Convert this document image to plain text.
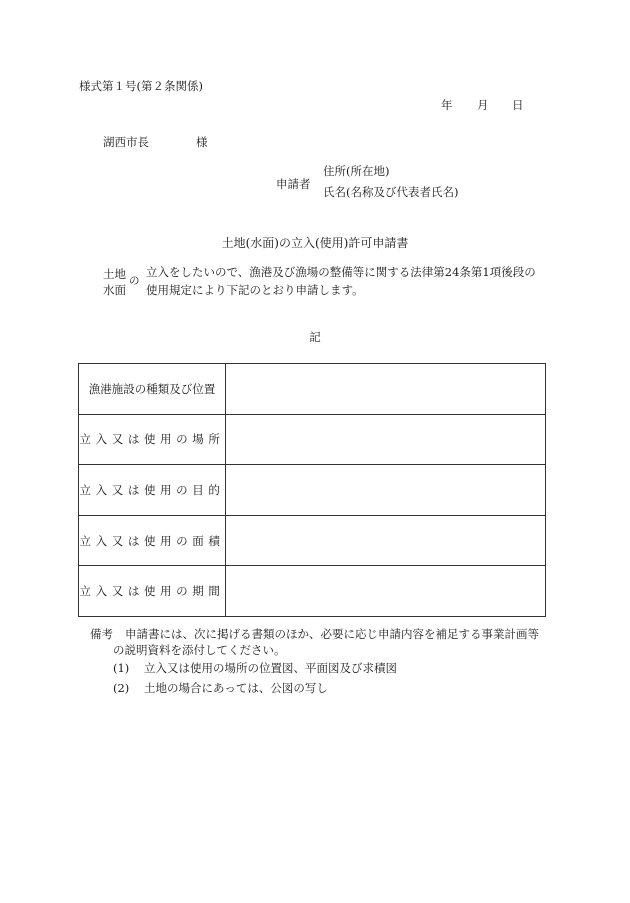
様式第１号(第２条関係)
年 月 日
湖西市長	様
申請者
住所(所在地)
氏名(名称及び代表者氏名)
土地(水面)の立入(使用)許可申請書
土地
水面
の
立入をしたいので、漁港及び漁場の整備等に関する法律第24条第1項後段の
使用規定により下記のとおり申請します。
記
漁港施設の種類及び位置	
立入又は使用の場所	
立入又は使用の目的	
立入又は使用の面積	
立入又は使用の期間	
備考 申請書には、次に掲げる書類のほか、必要に応じ申請内容を補足する事業計画等
の説明資料を添付してください。
(1) 立入又は使用の場所の位置図、平面図及び求積図
(2) 土地の場合にあっては、公図の写し
